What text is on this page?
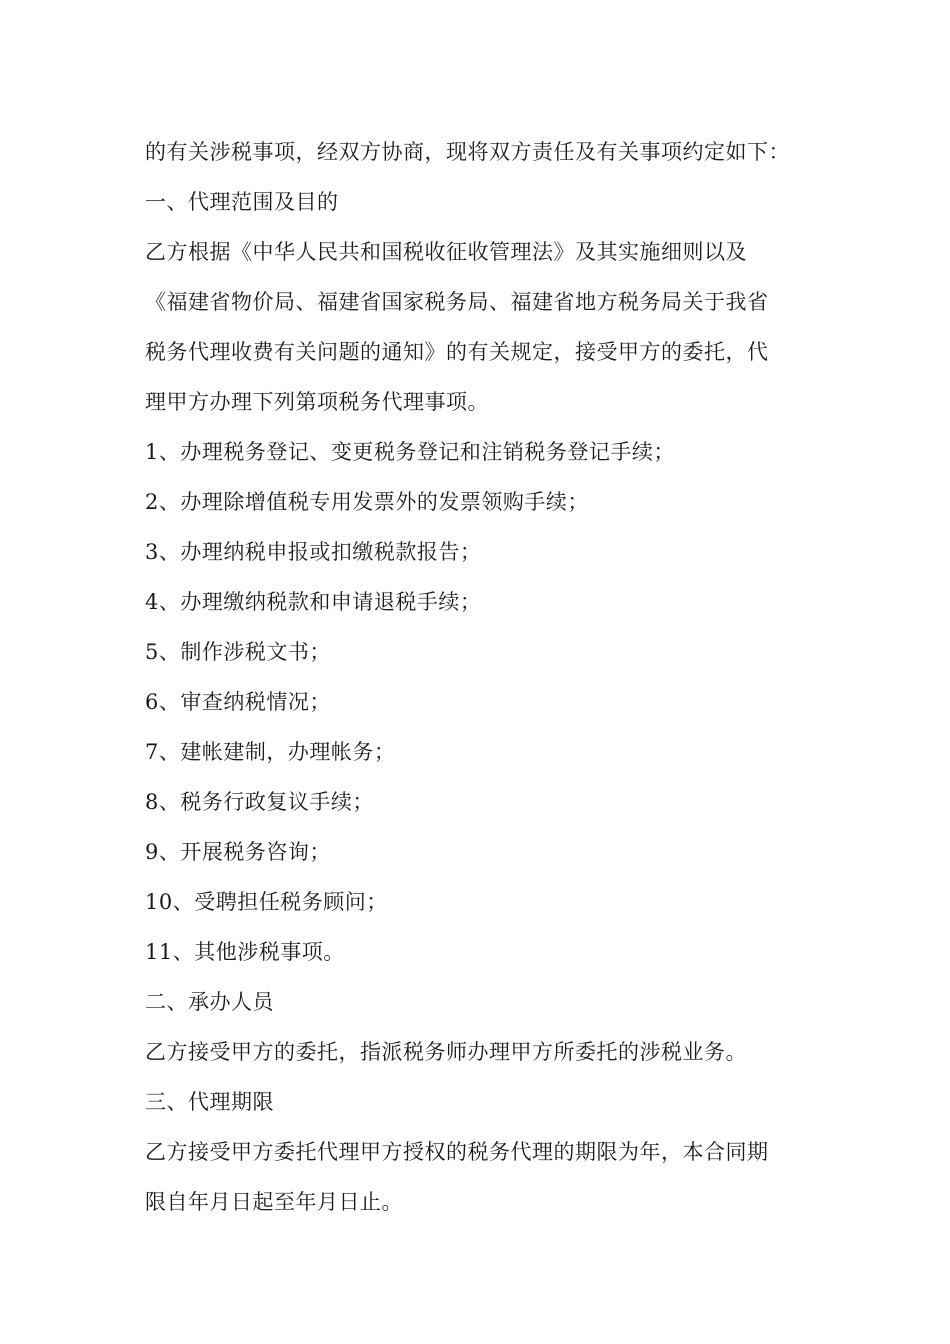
的有关涉税事项，经双方协商，现将双方责任及有关事项约定如下：
一、代理范围及目的
乙方根据《中华人民共和国税收征收管理法》及其实施细则以及
《福建省物价局、福建省国家税务局、福建省地方税务局关于我省
税务代理收费有关问题的通知》的有关规定，接受甲方的委托，代
理甲方办理下列第项税务代理事项。
1、办理税务登记、变更税务登记和注销税务登记手续；
2、办理除增值税专用发票外的发票领购手续；
3、办理纳税申报或扣缴税款报告；
4、办理缴纳税款和申请退税手续；
5、制作涉税文书；
6、审查纳税情况；
7、建帐建制，办理帐务；
8、税务行政复议手续；
9、开展税务咨询；
10、受聘担任税务顾问；
11、其他涉税事项。
二、承办人员
乙方接受甲方的委托，指派税务师办理甲方所委托的涉税业务。
三、代理期限
乙方接受甲方委托代理甲方授权的税务代理的期限为年，本合同期
限自年月日起至年月日止。
